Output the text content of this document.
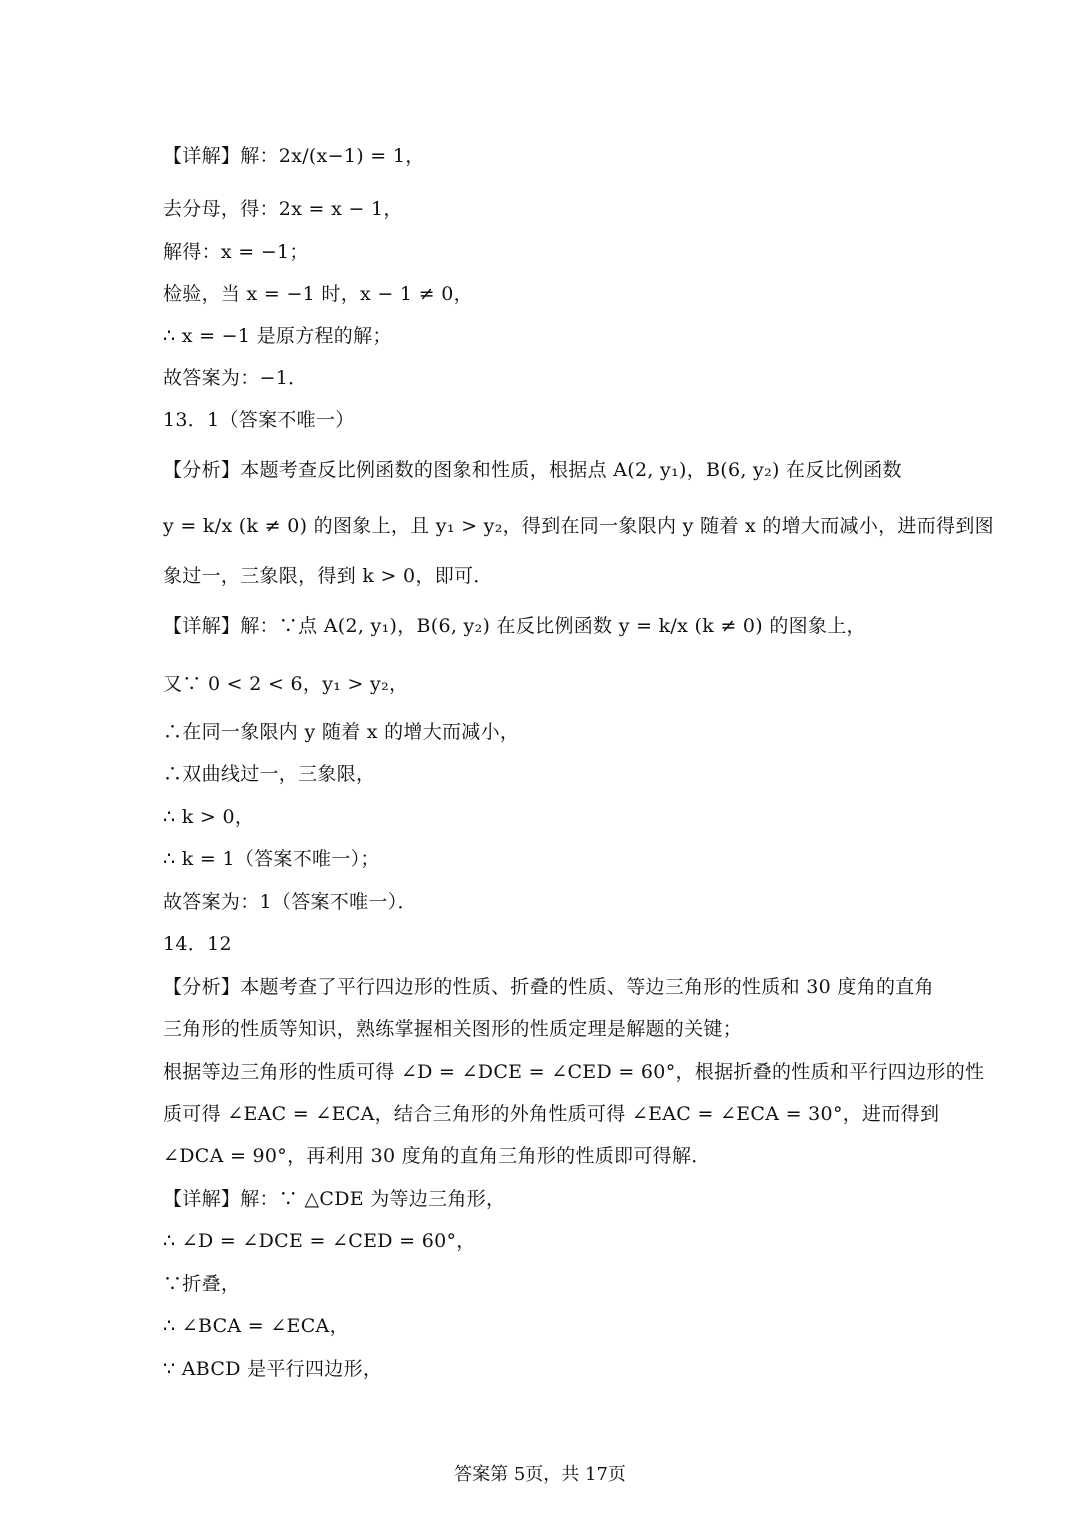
【详解】解：2x/(x−1) = 1，
去分母，得：2x = x − 1，
解得：x = −1；
检验，当 x = −1 时，x − 1 ≠ 0，
∴ x = −1 是原方程的解；
故答案为：−1．
13．1（答案不唯一）
【分析】本题考查反比例函数的图象和性质，根据点 A(2, y₁)，B(6, y₂) 在反比例函数
y = k/x (k ≠ 0) 的图象上，且 y₁ > y₂，得到在同一象限内 y 随着 x 的增大而减小，进而得到图
象过一，三象限，得到 k > 0，即可．
【详解】解：∵点 A(2, y₁)，B(6, y₂) 在反比例函数 y = k/x (k ≠ 0) 的图象上，
又∵ 0 < 2 < 6，y₁ > y₂，
∴在同一象限内 y 随着 x 的增大而减小，
∴双曲线过一，三象限，
∴ k > 0，
∴ k = 1（答案不唯一）；
故答案为：1（答案不唯一）．
14．12
【分析】本题考查了平行四边形的性质、折叠的性质、等边三角形的性质和 30 度角的直角
三角形的性质等知识，熟练掌握相关图形的性质定理是解题的关键；
根据等边三角形的性质可得 ∠D = ∠DCE = ∠CED = 60°，根据折叠的性质和平行四边形的性
质可得 ∠EAC = ∠ECA，结合三角形的外角性质可得 ∠EAC = ∠ECA = 30°，进而得到
∠DCA = 90°，再利用 30 度角的直角三角形的性质即可得解．
【详解】解：∵ △CDE 为等边三角形，
∴ ∠D = ∠DCE = ∠CED = 60°，
∵折叠，
∴ ∠BCA = ∠ECA，
∵ ABCD 是平行四边形，
答案第 5页，共 17页
